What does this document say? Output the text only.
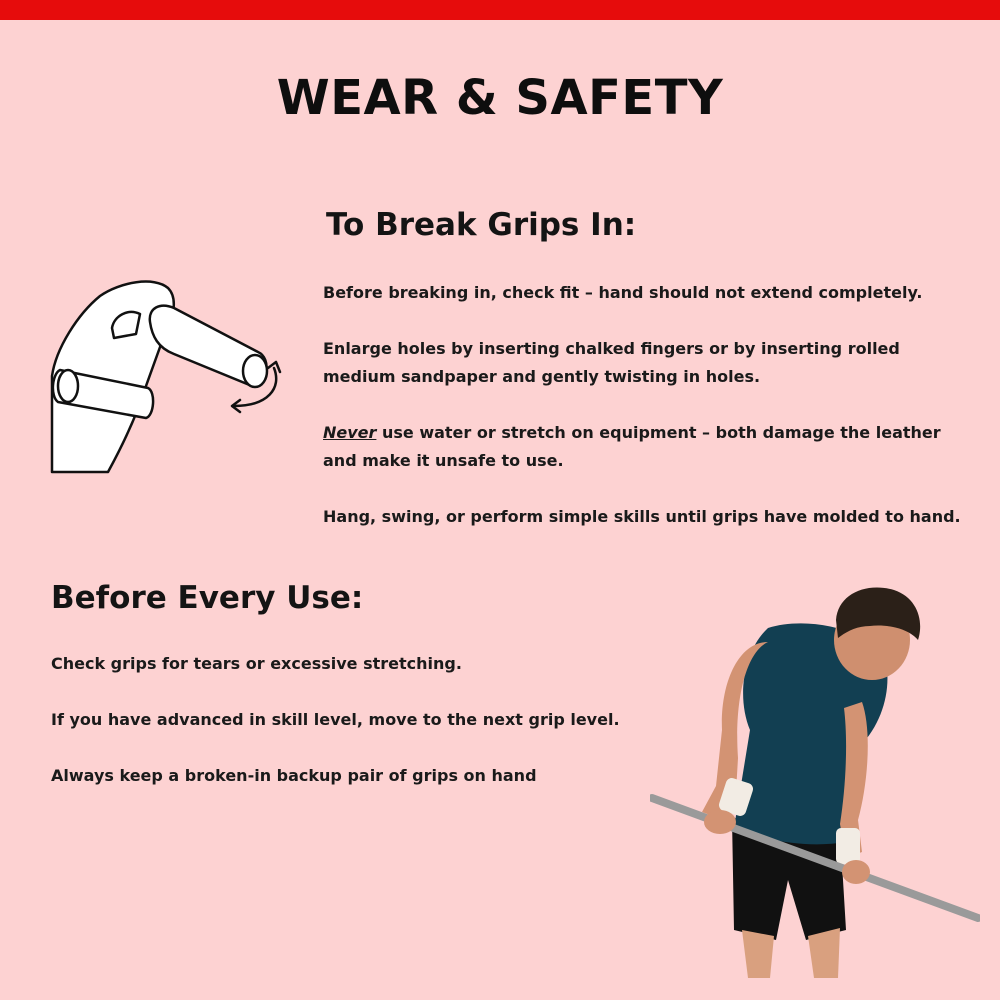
WEAR & SAFETY
To Break Grips In:

Before breaking in, check fit – hand should not extend completely.

Enlarge holes by inserting chalked fingers or by inserting rolled medium sandpaper and gently twisting in holes.

Never use water or stretch on equipment – both damage the leather and make it unsafe to use.

Hang, swing, or perform simple skills until grips have molded to hand.

Before Every Use:

Check grips for tears or excessive stretching.

If you have advanced in skill level, move to the next grip level.

Always keep a broken-in backup pair of grips on hand
